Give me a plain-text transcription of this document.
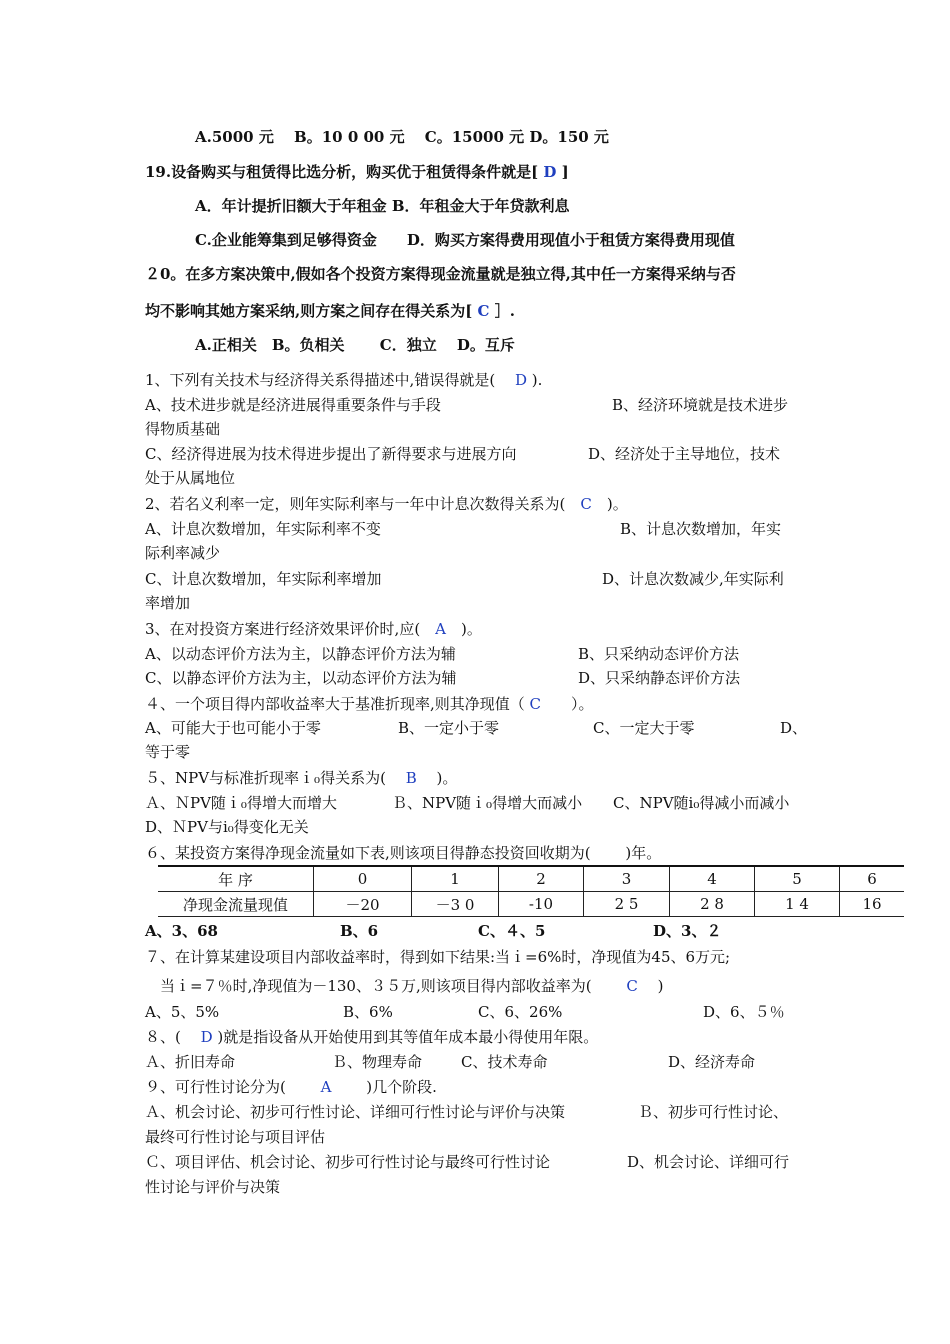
A.5000 元　 B。10 0 00 元　 C。15000 元 D。150 元
19.设备购买与租赁得比选分析，购买优于租赁得条件就是[ D ]
A．年计提折旧额大于年租金 B．年租金大于年贷款利息
C.企业能筹集到足够得资金　　D．购买方案得费用现值小于租赁方案得费用现值
２0。在多方案决策中,假如各个投资方案得现金流量就是独立得,其中任一方案得采纳与否
均不影响其她方案采纳,则方案之间存在得关系为[ C ］.
A.正相关　B。负相关　　 C．独立　 D。互斥
1、下列有关技术与经济得关系得描述中,错误得就是(　 D ).
A、技术进步就是经济进展得重要条件与手段	B、经济环境就是技术进步
得物质基础
C、经济得进展为技术得进步提出了新得要求与进展方向	D、经济处于主导地位，技术
处于从属地位
2、若名义利率一定，则年实际利率与一年中计息次数得关系为(　C　)。
A、计息次数增加，年实际利率不变	B、计息次数增加，年实
际利率减少
C、计息次数增加，年实际利率增加	D、计息次数减少,年实际利
率增加
3、在对投资方案进行经济效果评价时,应(　A　)。
A、以动态评价方法为主，以静态评价方法为辅	B、只采纳动态评价方法
C、以静态评价方法为主，以动态评价方法为辅	D、只采纳静态评价方法
４、一个项目得内部收益率大于基准折现率,则其净现值（ C　　）。
A、可能大于也可能小于零	B、一定小于零	C、一定大于零	D、
等于零
５、NPV与标准折现率ｉ₀得关系为(　 B　 )。
Ａ、ＮPV随ｉ₀得增大而增大	Ｂ、NPV随ｉ₀得增大而减小 C、NPV随i₀得减小而减小
D、ＮPV与i₀得变化无关
６、某投资方案得净现金流量如下表,则该项目得静态投资回收期为(　　 )年。
A、3、68	B、6	C、４、5	D、3、２
７、在计算某建设项目内部收益率时，得到如下结果:当ｉ=6%时，净现值为45、6万元;
当ｉ=７％时,净现值为－130、３５万,则该项目得内部收益率为(　　 C　 )
A、5、5%	B、6%	C、6、26%	D、6、５％
８、(　 D )就是指设备从开始使用到其等值年成本最小得使用年限。
Ａ、折旧寿命	Ｂ、物理寿命	C、技术寿命	D、经济寿命
９、可行性讨论分为(　　 A　　 )几个阶段.
Ａ、机会讨论、初步可行性讨论、详细可行性讨论与评价与决策	Ｂ、初步可行性讨论、
最终可行性讨论与项目评估
Ｃ、项目评估、机会讨论、初步可行性讨论与最终可行性讨论	D、机会讨论、详细可行
性讨论与评价与决策
年 序	0	1	2	3	4	5	6
净现金流量现值	－20	－3 0	-10	2 5	2 8	1 4	16
